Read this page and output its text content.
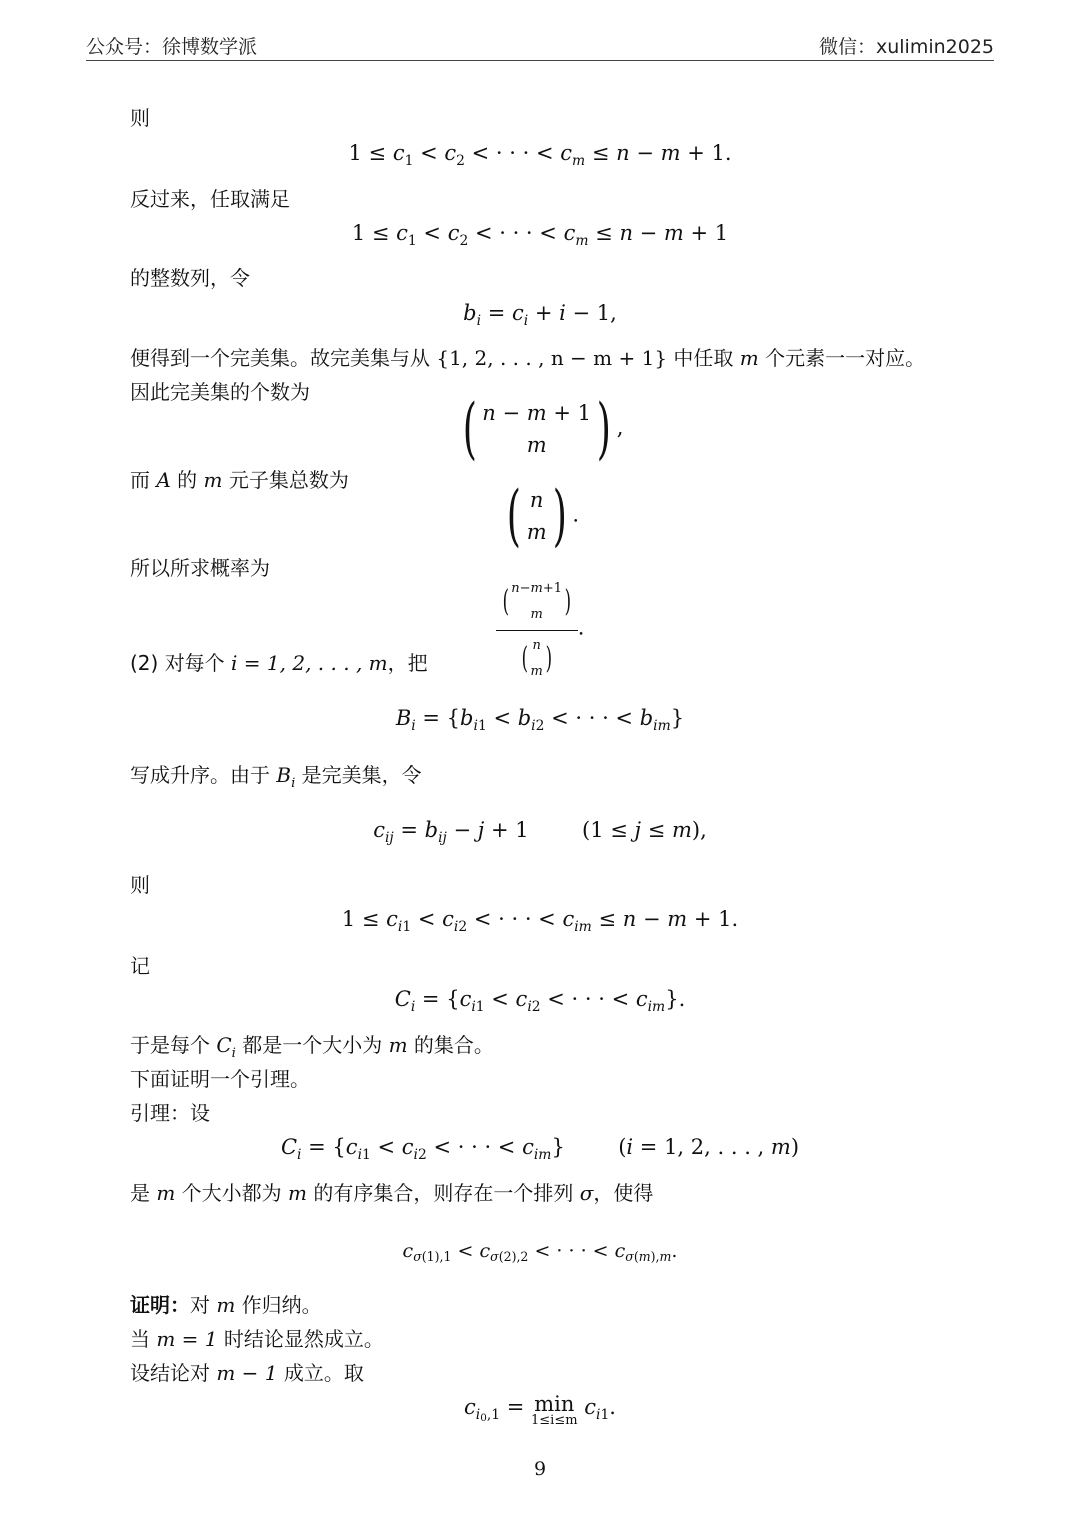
公众号：徐博数学派	微信：xulimin2025
则
$1 \le c_1 < c_2$ < · · · < $c_m \le n - m + 1$.
反过来，任取满足
$1 \le c_1 < c_2$ < · · · < $c_m \le n - m + 1$
的整数列，令
$b_i = c_i + i - 1$,
便得到一个完美集。故完美集与从 {1, 2, . . . , n − m + 1} 中任取 m 个元素一一对应。
因此完美集的个数为	( n − m + 1
m ) ,
而 A 的 m 元子集总数为	( n
m ) .
所以所求概率为
( n−m+1
m )
( n
m ) .
(2) 对每个 i = 1, 2, . . . , m，把
$B_i = \{b_{i1} < b_{i2}$ < · · · < $b_{im}$}
写成升序。由于 $B_i$ 是完美集，令
$c_{ij} = b_{ij} - j + 1$        (1 ≤ j ≤ m),
则
$1 \le c_{i1} < c_{i2}$ < · · · < $c_{im} \le n - m + 1$.
记
$C_i = \{c_{i1} < c_{i2}$ < · · · < $c_{im}$}.
于是每个 $C_i$ 都是一个大小为 m 的集合。
下面证明一个引理。
引理：设
$C_i = \{c_{i1} < c_{i2}$ < · · · < $c_{im}$}        (i = 1, 2, . . . , m)
是 m 个大小都为 m 的有序集合，则存在一个排列 σ，使得
$c_{\sigma(1),1} < c_{\sigma(2),2}$ < · · · < $c_{\sigma(m),m}$.
证明：对 m 作归纳。
当 m = 1 时结论显然成立。
设结论对 m − 1 成立。取
$c_{i_0,1} = \min$
1≤i≤m
$c_{i1}$.
9
